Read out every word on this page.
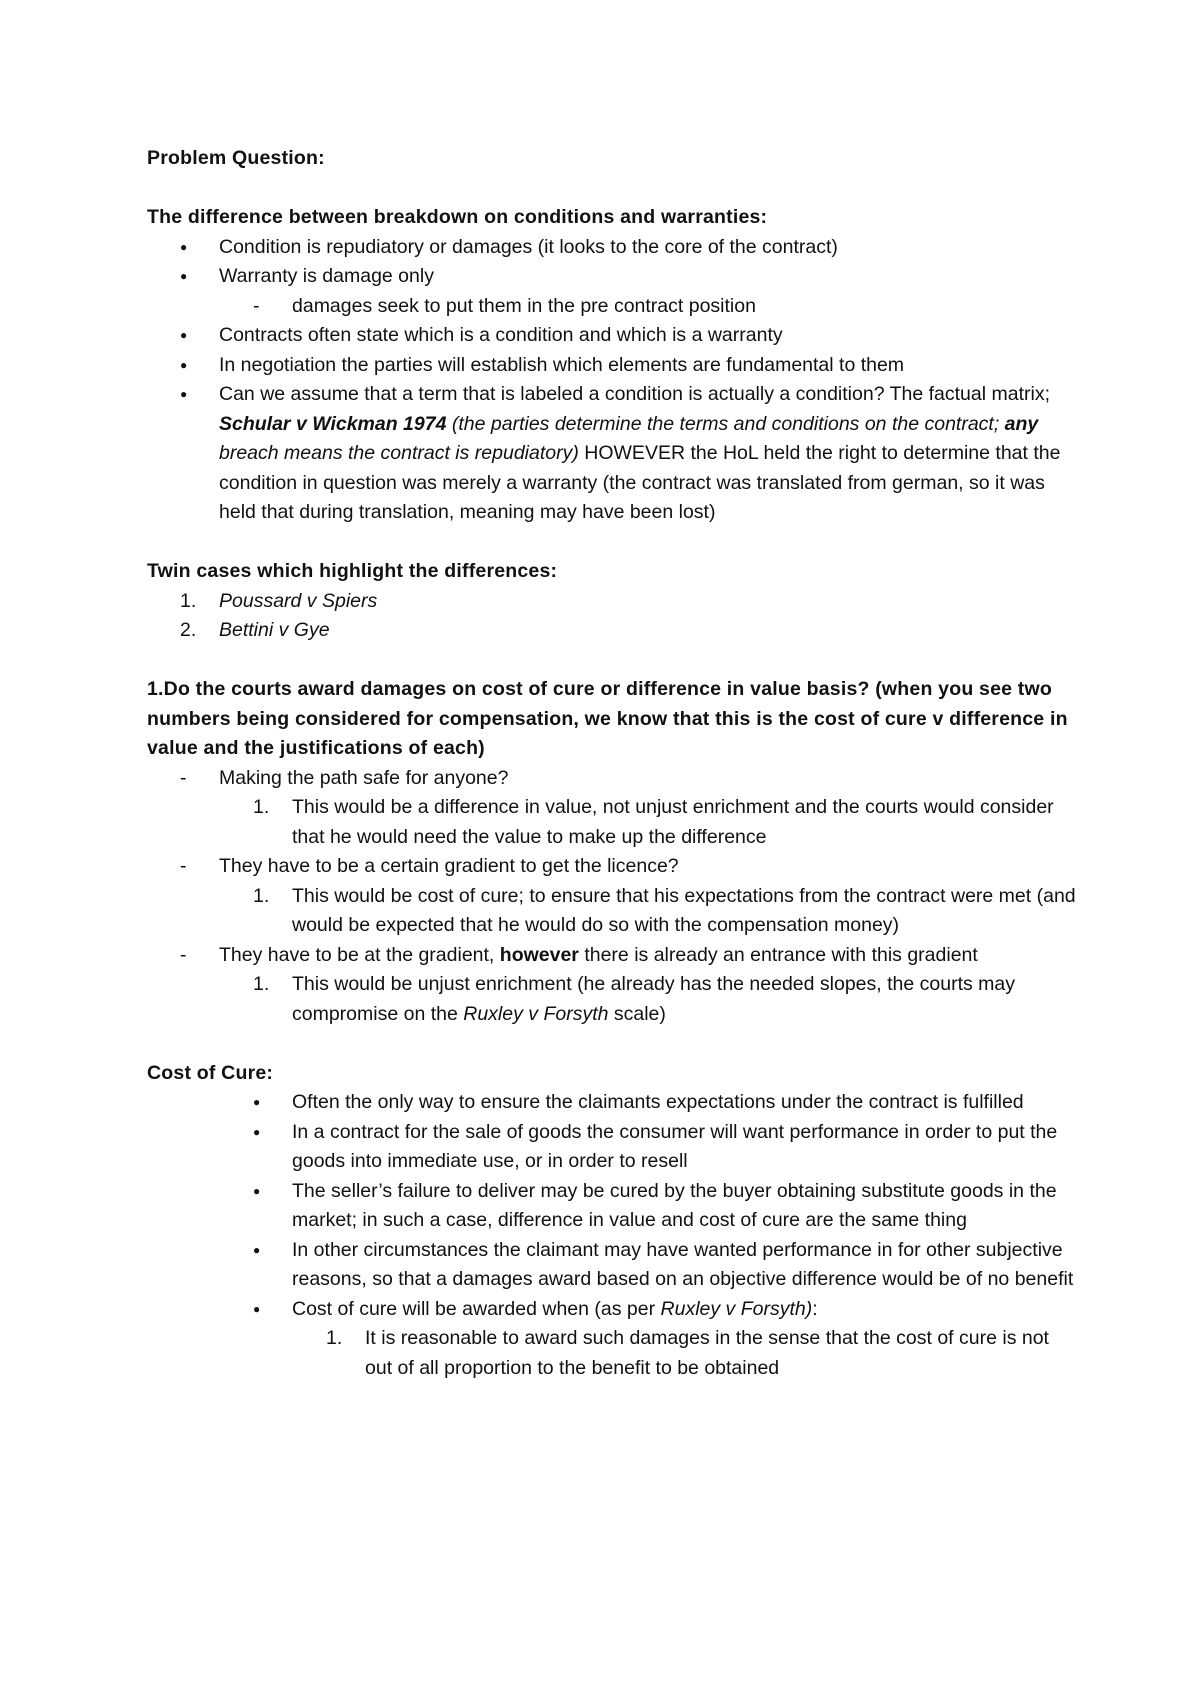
Problem Question:
The difference between breakdown on conditions and warranties:
● Condition is repudiatory or damages (it looks to the core of the contract)
● Warranty is damage only
- damages seek to put them in the pre contract position
● Contracts often state which is a condition and which is a warranty
● In negotiation the parties will establish which elements are fundamental to them
● Can we assume that a term that is labeled a condition is actually a condition? The factual matrix; Schular v Wickman 1974 (the parties determine the terms and conditions on the contract; any breach means the contract is repudiatory) HOWEVER the HoL held the right to determine that the condition in question was merely a warranty (the contract was translated from german, so it was held that during translation, meaning may have been lost)
Twin cases which highlight the differences:
1. Poussard v Spiers
2. Bettini v Gye
1.Do the courts award damages on cost of cure or difference in value basis? (when you see two numbers being considered for compensation, we know that this is the cost of cure v difference in value and the justifications of each)
- Making the path safe for anyone?
1. This would be a difference in value, not unjust enrichment and the courts would consider that he would need the value to make up the difference
- They have to be a certain gradient to get the licence?
1. This would be cost of cure; to ensure that his expectations from the contract were met (and would be expected that he would do so with the compensation money)
- They have to be at the gradient, however there is already an entrance with this gradient
1. This would be unjust enrichment (he already has the needed slopes, the courts may compromise on the Ruxley v Forsyth scale)
Cost of Cure:
● Often the only way to ensure the claimants expectations under the contract is fulfilled
● In a contract for the sale of goods the consumer will want performance in order to put the goods into immediate use, or in order to resell
● The seller’s failure to deliver may be cured by the buyer obtaining substitute goods in the market; in such a case, difference in value and cost of cure are the same thing
● In other circumstances the claimant may have wanted performance in for other subjective reasons, so that a damages award based on an objective difference would be of no benefit
● Cost of cure will be awarded when (as per Ruxley v Forsyth):
1. It is reasonable to award such damages in the sense that the cost of cure is not out of all proportion to the benefit to be obtained
